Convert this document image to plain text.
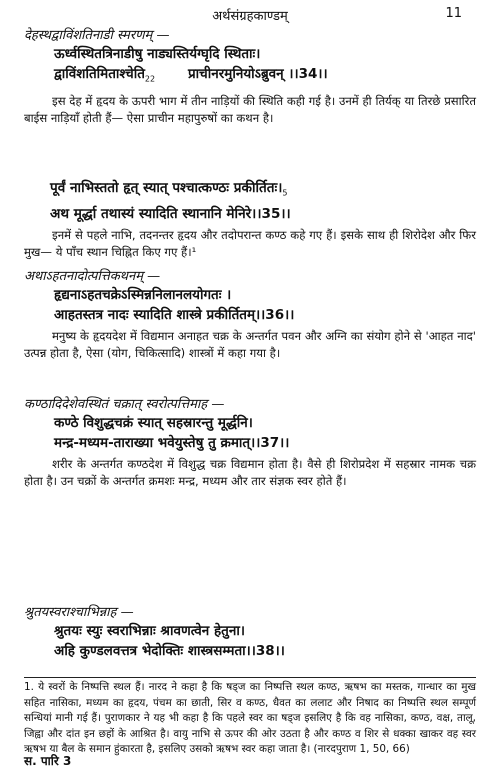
अर्थसंग्रहकाण्डम्	11
देहस्थद्वाविंशतिनाडी स्मरणम् —
ऊर्ध्वस्थितत्रिनाडीषु नाड्यस्तिर्यग्घृदि स्थिताः।
$द्वाविंशतिमिताश्चेति_{22}$ प्राचीनरमुनियोऽब्रुवन् ।।34।।

इस देह में हृदय के ऊपरी भाग में तीन नाड़ियों की स्थिति कही गई है। उनमें ही तिर्यक् या तिरछे प्रसारित बाईस नाड़ियाँ होती हैं— ऐसा प्राचीन महापुरुषों का कथन है।

पूर्वं नाभिस्ततो हृत् स्यात् पश्चात्कण्ठः $प्रकीर्तितः।_5$
अथ मूर्द्धा तथास्यं स्यादिति स्थानानि मेनिरे।।35।।

इनमें से पहले नाभि, तदनन्तर हृदय और तदोपरान्त कण्ठ कहे गए हैं। इसके साथ ही शिरोदेश और फिर मुख— ये पाँच स्थान चिह्नित किए गए हैं।¹

अथाऽहतनादोत्पत्तिकथनम् —
हृद्यनाऽहतचक्रेऽस्मिन्ननिलानलयोगतः ।
आहतस्तत्र नादः स्यादिति शास्त्रे प्रकीर्तितम्।।36।।

मनुष्य के हृदयदेश में विद्यमान अनाहत चक्र के अन्तर्गत पवन और अग्नि का संयोग होने से 'आहत नाद' उत्पन्न होता है, ऐसा (योग, चिकित्सादि) शास्त्रों में कहा गया है।

कण्ठादिदेशेवस्थितं चक्रात् स्वरोत्पत्तिमाह —
कण्ठे विशुद्धचक्रं स्यात् सहस्रारन्तु मूर्द्धनि।
मन्द्र-मध्यम-ताराख्या भवेयुस्तेषु तु क्रमात्।।37।।

शरीर के अन्तर्गत कण्ठदेश में विशुद्ध चक्र विद्यमान होता है। वैसे ही शिरोप्रदेश में सहस्रार नामक चक्र होता है। उन चक्रों के अन्तर्गत क्रमशः मन्द्र, मध्यम और तार संज्ञक स्वर होते हैं।

श्रुतयस्वराश्चाभिन्नाह —
श्रुतयः स्युः स्वराभिन्नाः श्रावणत्वेन हेतुना।
अहि कुण्डलवत्तत्र भेदोक्तिः शास्त्रसम्मता।।38।।

1. ये स्वरों के निष्पत्ति स्थल हैं। नारद ने कहा है कि षड्ज का निष्पत्ति स्थल कण्ठ, ऋषभ का मस्तक, गान्धार का मुख सहित नासिका, मध्यम का हृदय, पंचम का छाती, सिर व कण्ठ, धैवत का ललाट और निषाद का निष्पत्ति स्थल सम्पूर्ण सन्धियां मानी गई हैं। पुराणकार ने यह भी कहा है कि पहले स्वर का षड्ज इसलिए है कि वह नासिका, कण्ठ, वक्ष, तालू, जिह्वा और दांत इन छहों के आश्रित है। वायु नाभि से ऊपर की ओर उठता है और कण्ठ व शिर से धक्का खाकर वह स्वर ऋषभ या बैल के समान हुंकारता है, इसलिए उसको ऋषभ स्वर कहा जाता है। (नारदपुराण 1, 50, 66)

स. पारि 3
